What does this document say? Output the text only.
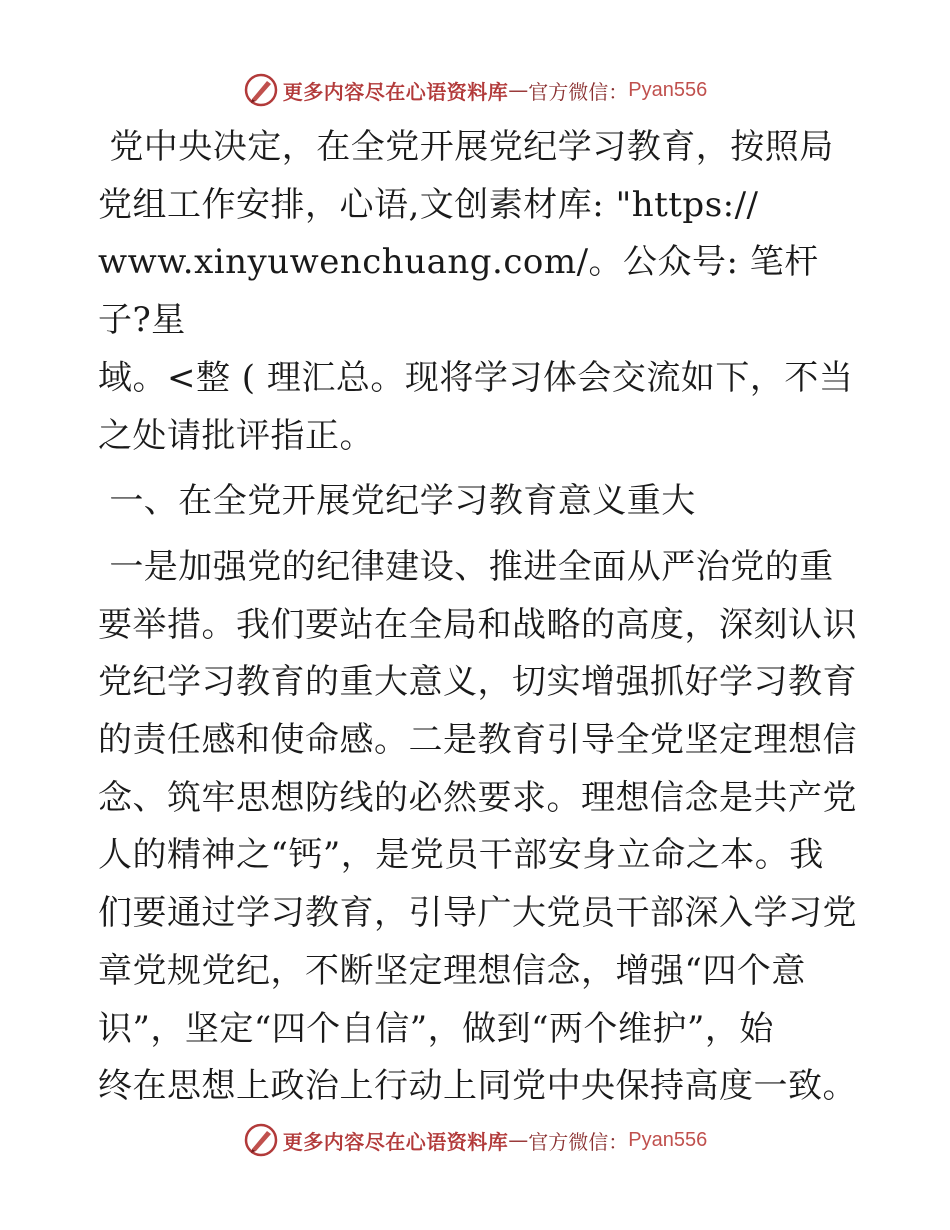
更多内容尽在心语资料库 — 官方微信： Pyan556

党中央决定，在全党开展党纪学习教育，按照局

党组工作安排，心语,文创素材库: "https://

www.xinyuwenchuang.com/。公众号: 笔杆子?星

域。<整 ( 理汇总。现将学习体会交流如下，不当

之处请批评指正。

一、在全党开展党纪学习教育意义重大

一是加强党的纪律建设、推进全面从严治党的重

要举措。我们要站在全局和战略的高度，深刻认识

党纪学习教育的重大意义，切实增强抓好学习教育

的责任感和使命感。二是教育引导全党坚定理想信

念、筑牢思想防线的必然要求。理想信念是共产党

人的精神之“钙”，是党员干部安身立命之本。我

们要通过学习教育，引导广大党员干部深入学习党

章党规党纪，不断坚定理想信念，增强“四个意

识”，坚定“四个自信”，做到“两个维护”，始

终在思想上政治上行动上同党中央保持高度一致。

更多内容尽在心语资料库 — 官方微信： Pyan556
